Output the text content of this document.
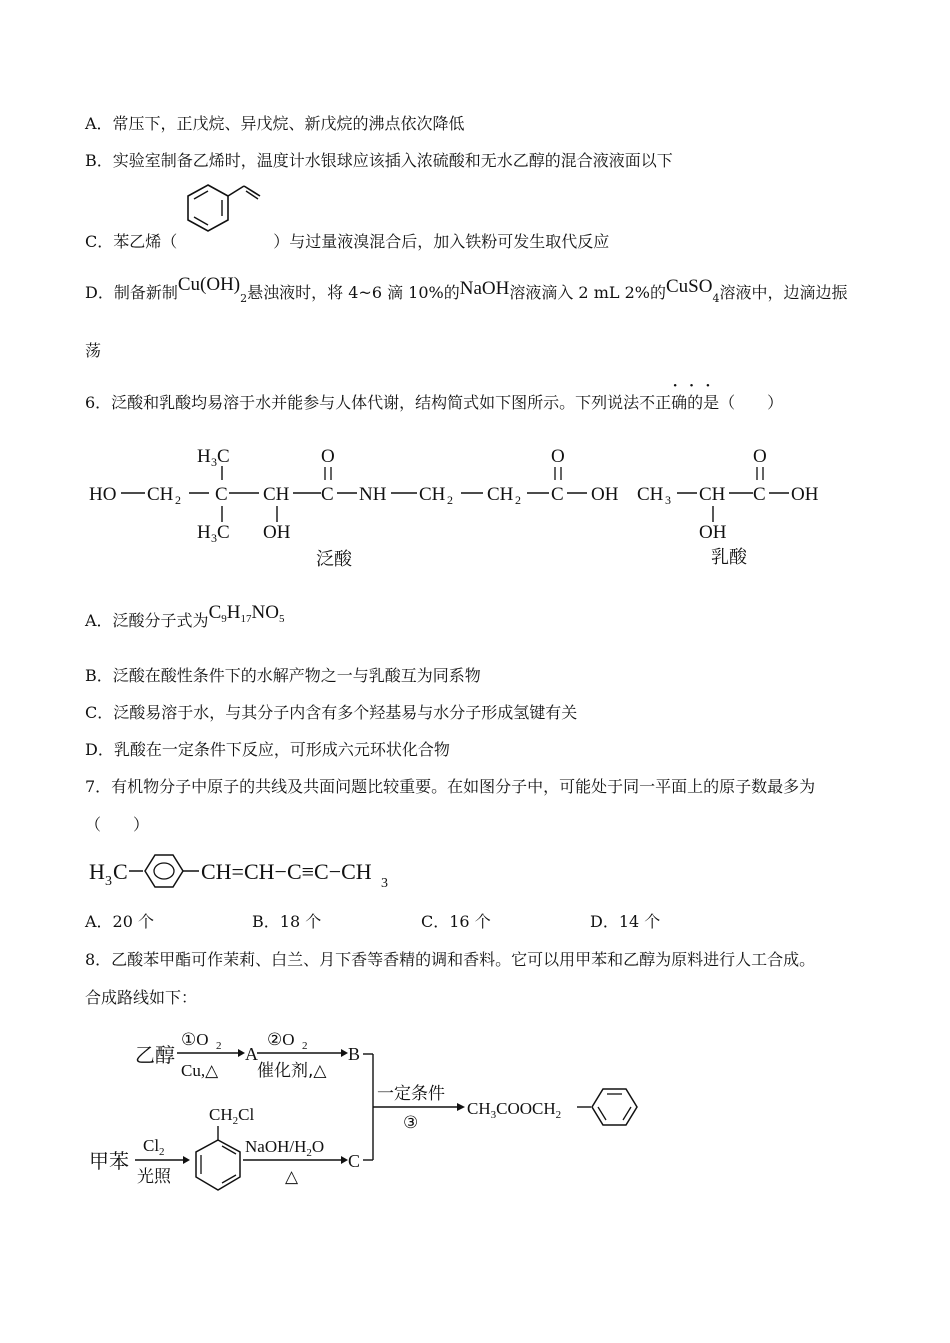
A．常压下，正戊烷、异戊烷、新戊烷的沸点依次降低
B．实验室制备乙烯时，温度计水银球应该插入浓硫酸和无水乙醇的混合液液面以下
C．苯乙烯（	）与过量液溴混合后，加入铁粉可发生取代反应
D．制备新制$Cu(OH)_2$悬浊液时，将 4~6 滴 10%的NaOH溶液滴入 2 mL 2%的CuSO$_4$溶液中，边滴边振
荡
···
6．泛酸和乳酸均易溶于水并能参与人体代谢，结构简式如下图所示。下列说法不正确的是（　　）
HO CH 2 C
H 3 C
H 3 C
CH
OH
C
O
NH CH 2 CH 2 C
O
OH CH 3 CH
OH
C
O
OH
泛酸	乳酸
A．泛酸分子式为$C_9H_{17}NO_5$
B．泛酸在酸性条件下的水解产物之一与乳酸互为同系物
C．泛酸易溶于水，与其分子内含有多个羟基易与水分子形成氢键有关
D．乳酸在一定条件下反应，可形成六元环状化合物
7．有机物分子中原子的共线及共面问题比较重要。在如图分子中，可能处于同一平面上的原子数最多为
（　　）
H 3 C	CH=CH−C≡C−CH 3
A．20 个	B．18 个	C．16 个	D．14 个
8．乙酸苯甲酯可作茉莉、白兰、月下香等香精的调和香料。它可以用甲苯和乙醇为原料进行人工合成。
合成路线如下：
乙醇
①O 2
Cu,△
A
②O 2
催化剂,△
B
一定条件
③
$CH_3COOCH_2$
甲苯
Cl 2
光照
$CH_2Cl$
NaOH/$H_2O$
△
C
